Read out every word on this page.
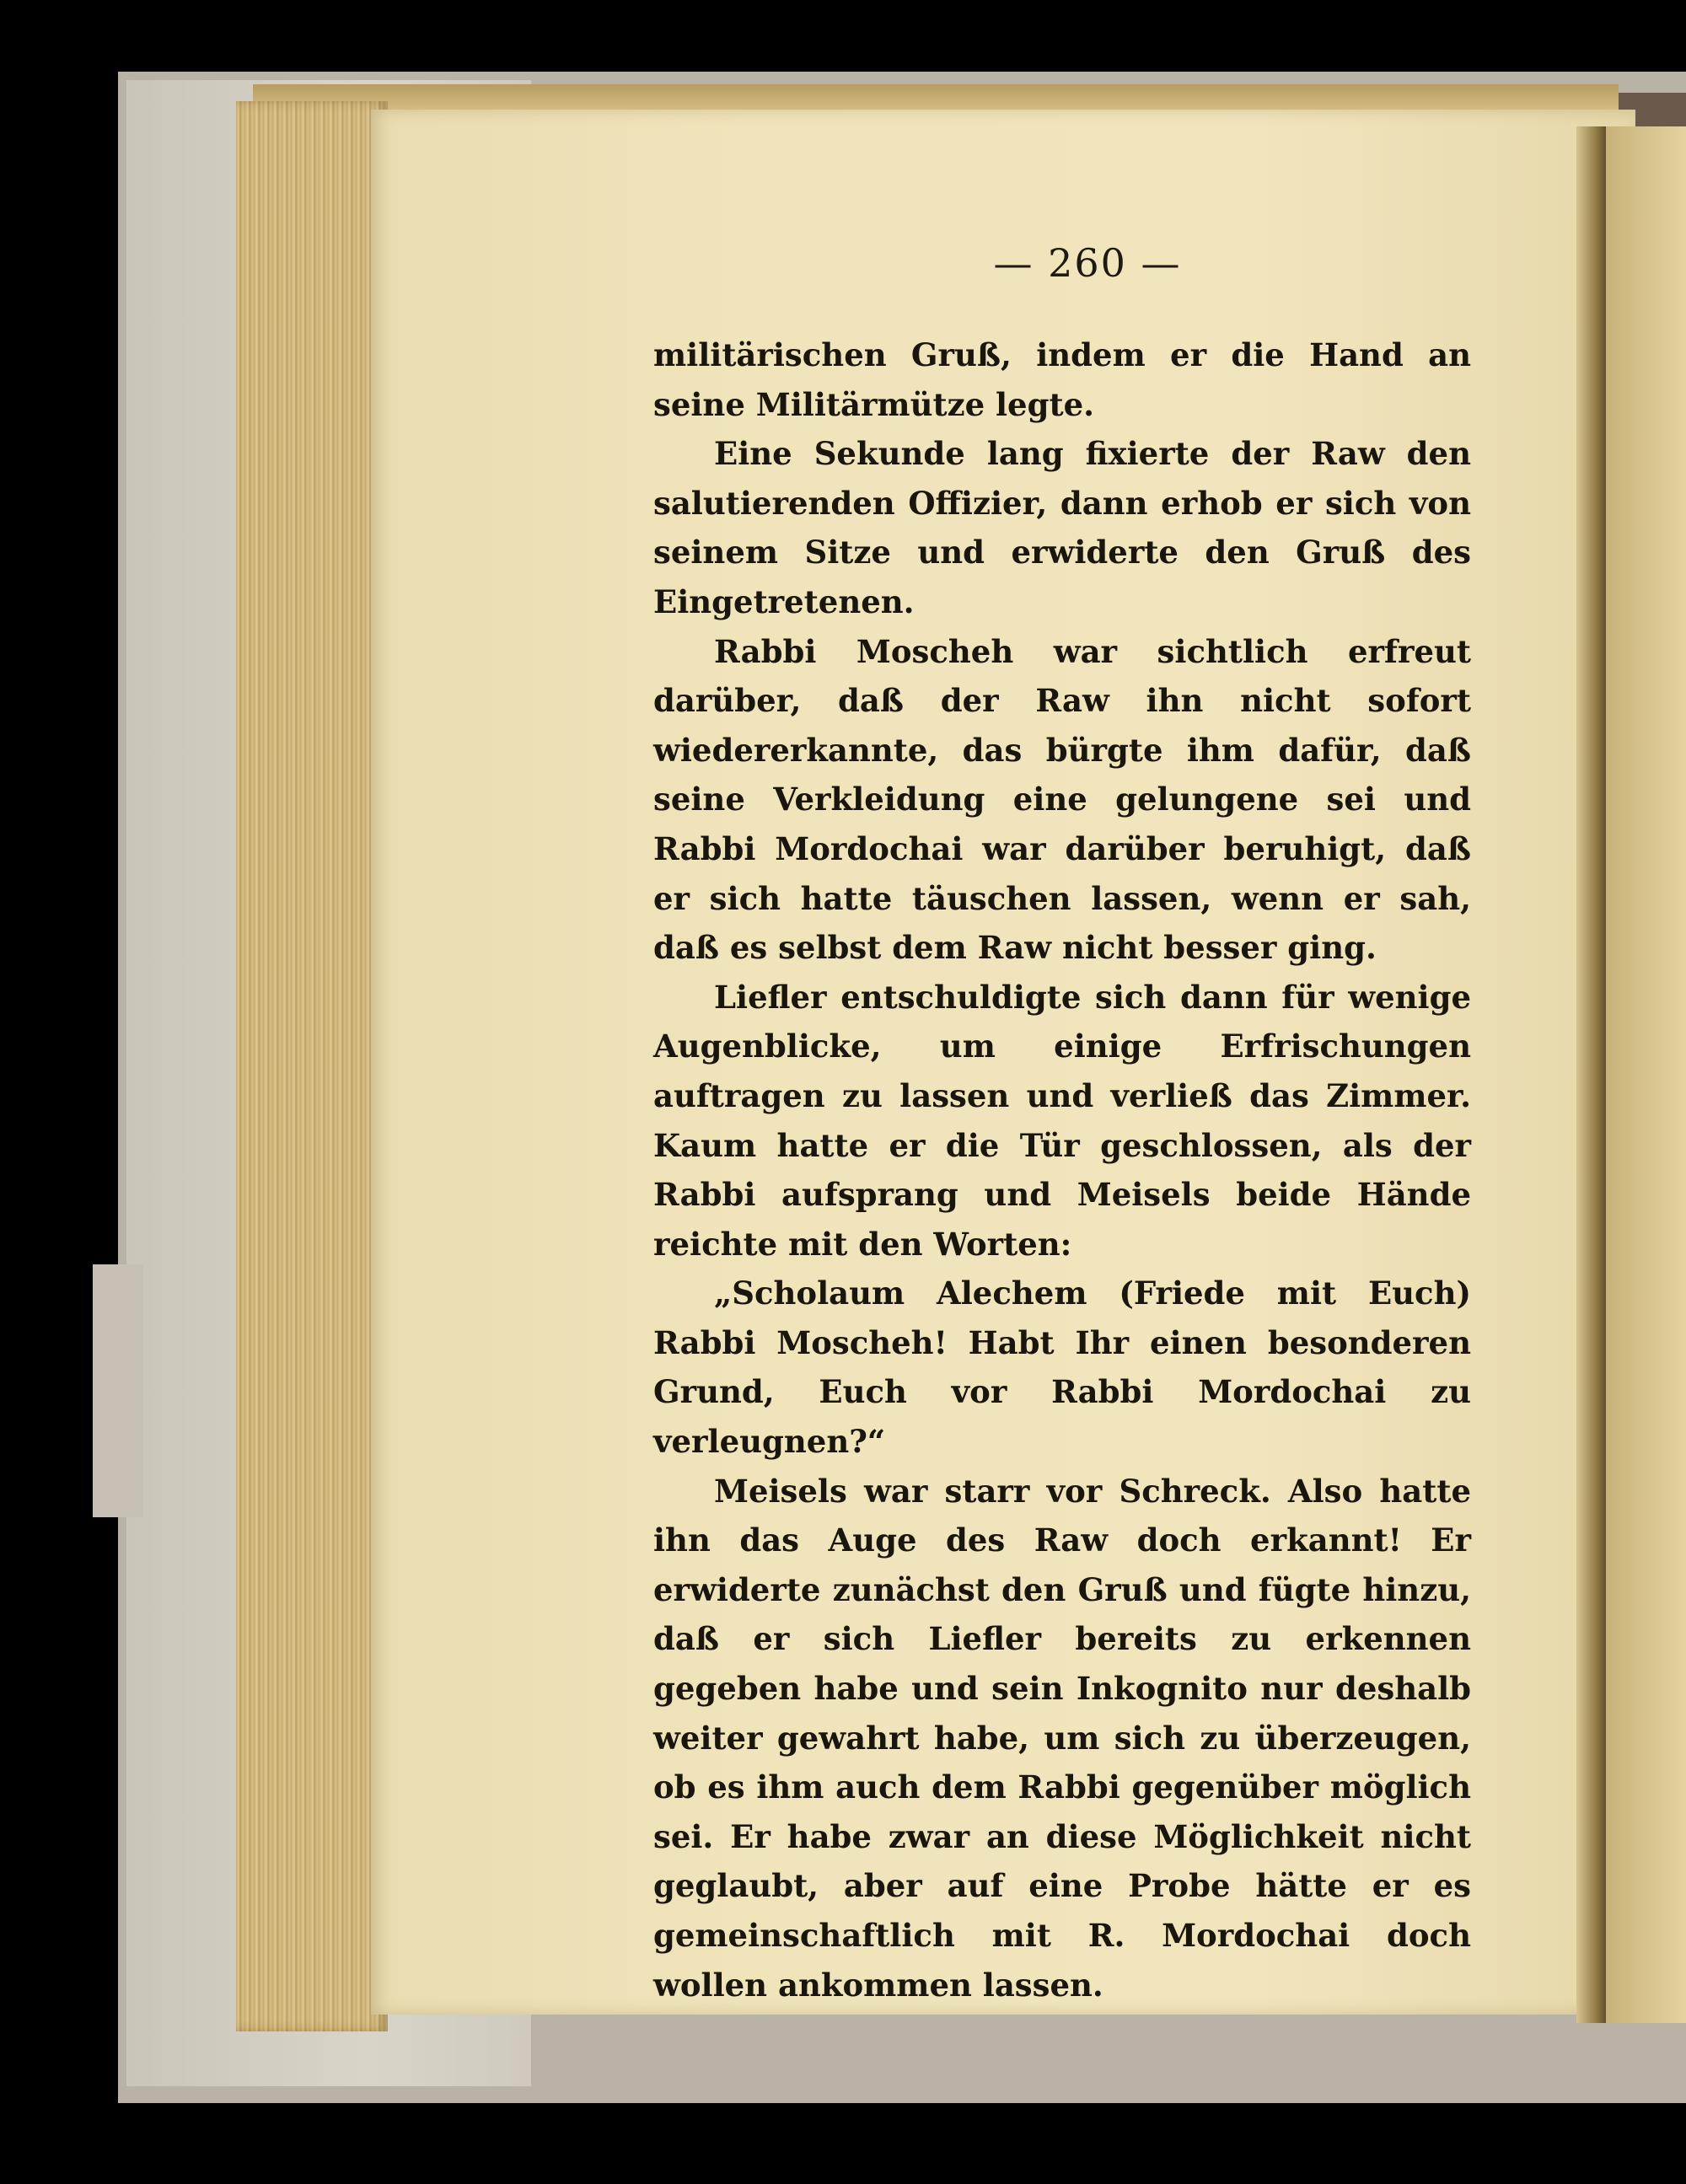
— 260 —

militärischen Gruß, indem er die Hand an seine Militärmütze legte.

Eine Sekunde lang fixierte der Raw den salutierenden Offizier, dann erhob er sich von seinem Sitze und erwiderte den Gruß des Eingetretenen.

Rabbi Moscheh war sichtlich erfreut darüber, daß der Raw ihn nicht sofort wiedererkannte, das bürgte ihm dafür, daß seine Verkleidung eine gelungene sei und Rabbi Mordochai war darüber beruhigt, daß er sich hatte täuschen lassen, wenn er sah, daß es selbst dem Raw nicht besser ging.

Liefler entschuldigte sich dann für wenige Augenblicke, um einige Erfrischungen auftragen zu lassen und verließ das Zimmer. Kaum hatte er die Tür geschlossen, als der Rabbi aufsprang und Meisels beide Hände reichte mit den Worten:

„Scholaum Alechem (Friede mit Euch) Rabbi Moscheh! Habt Ihr einen besonderen Grund, Euch vor Rabbi Mordochai zu verleugnen?“

Meisels war starr vor Schreck. Also hatte ihn das Auge des Raw doch erkannt! Er erwiderte zunächst den Gruß und fügte hinzu, daß er sich Liefler bereits zu erkennen gegeben habe und sein Inkognito nur deshalb weiter gewahrt habe, um sich zu überzeugen, ob es ihm auch dem Rabbi gegenüber möglich sei. Er habe zwar an diese Möglichkeit nicht geglaubt, aber auf eine Probe hätte er es gemeinschaftlich mit R. Mordochai doch wollen ankommen lassen.
